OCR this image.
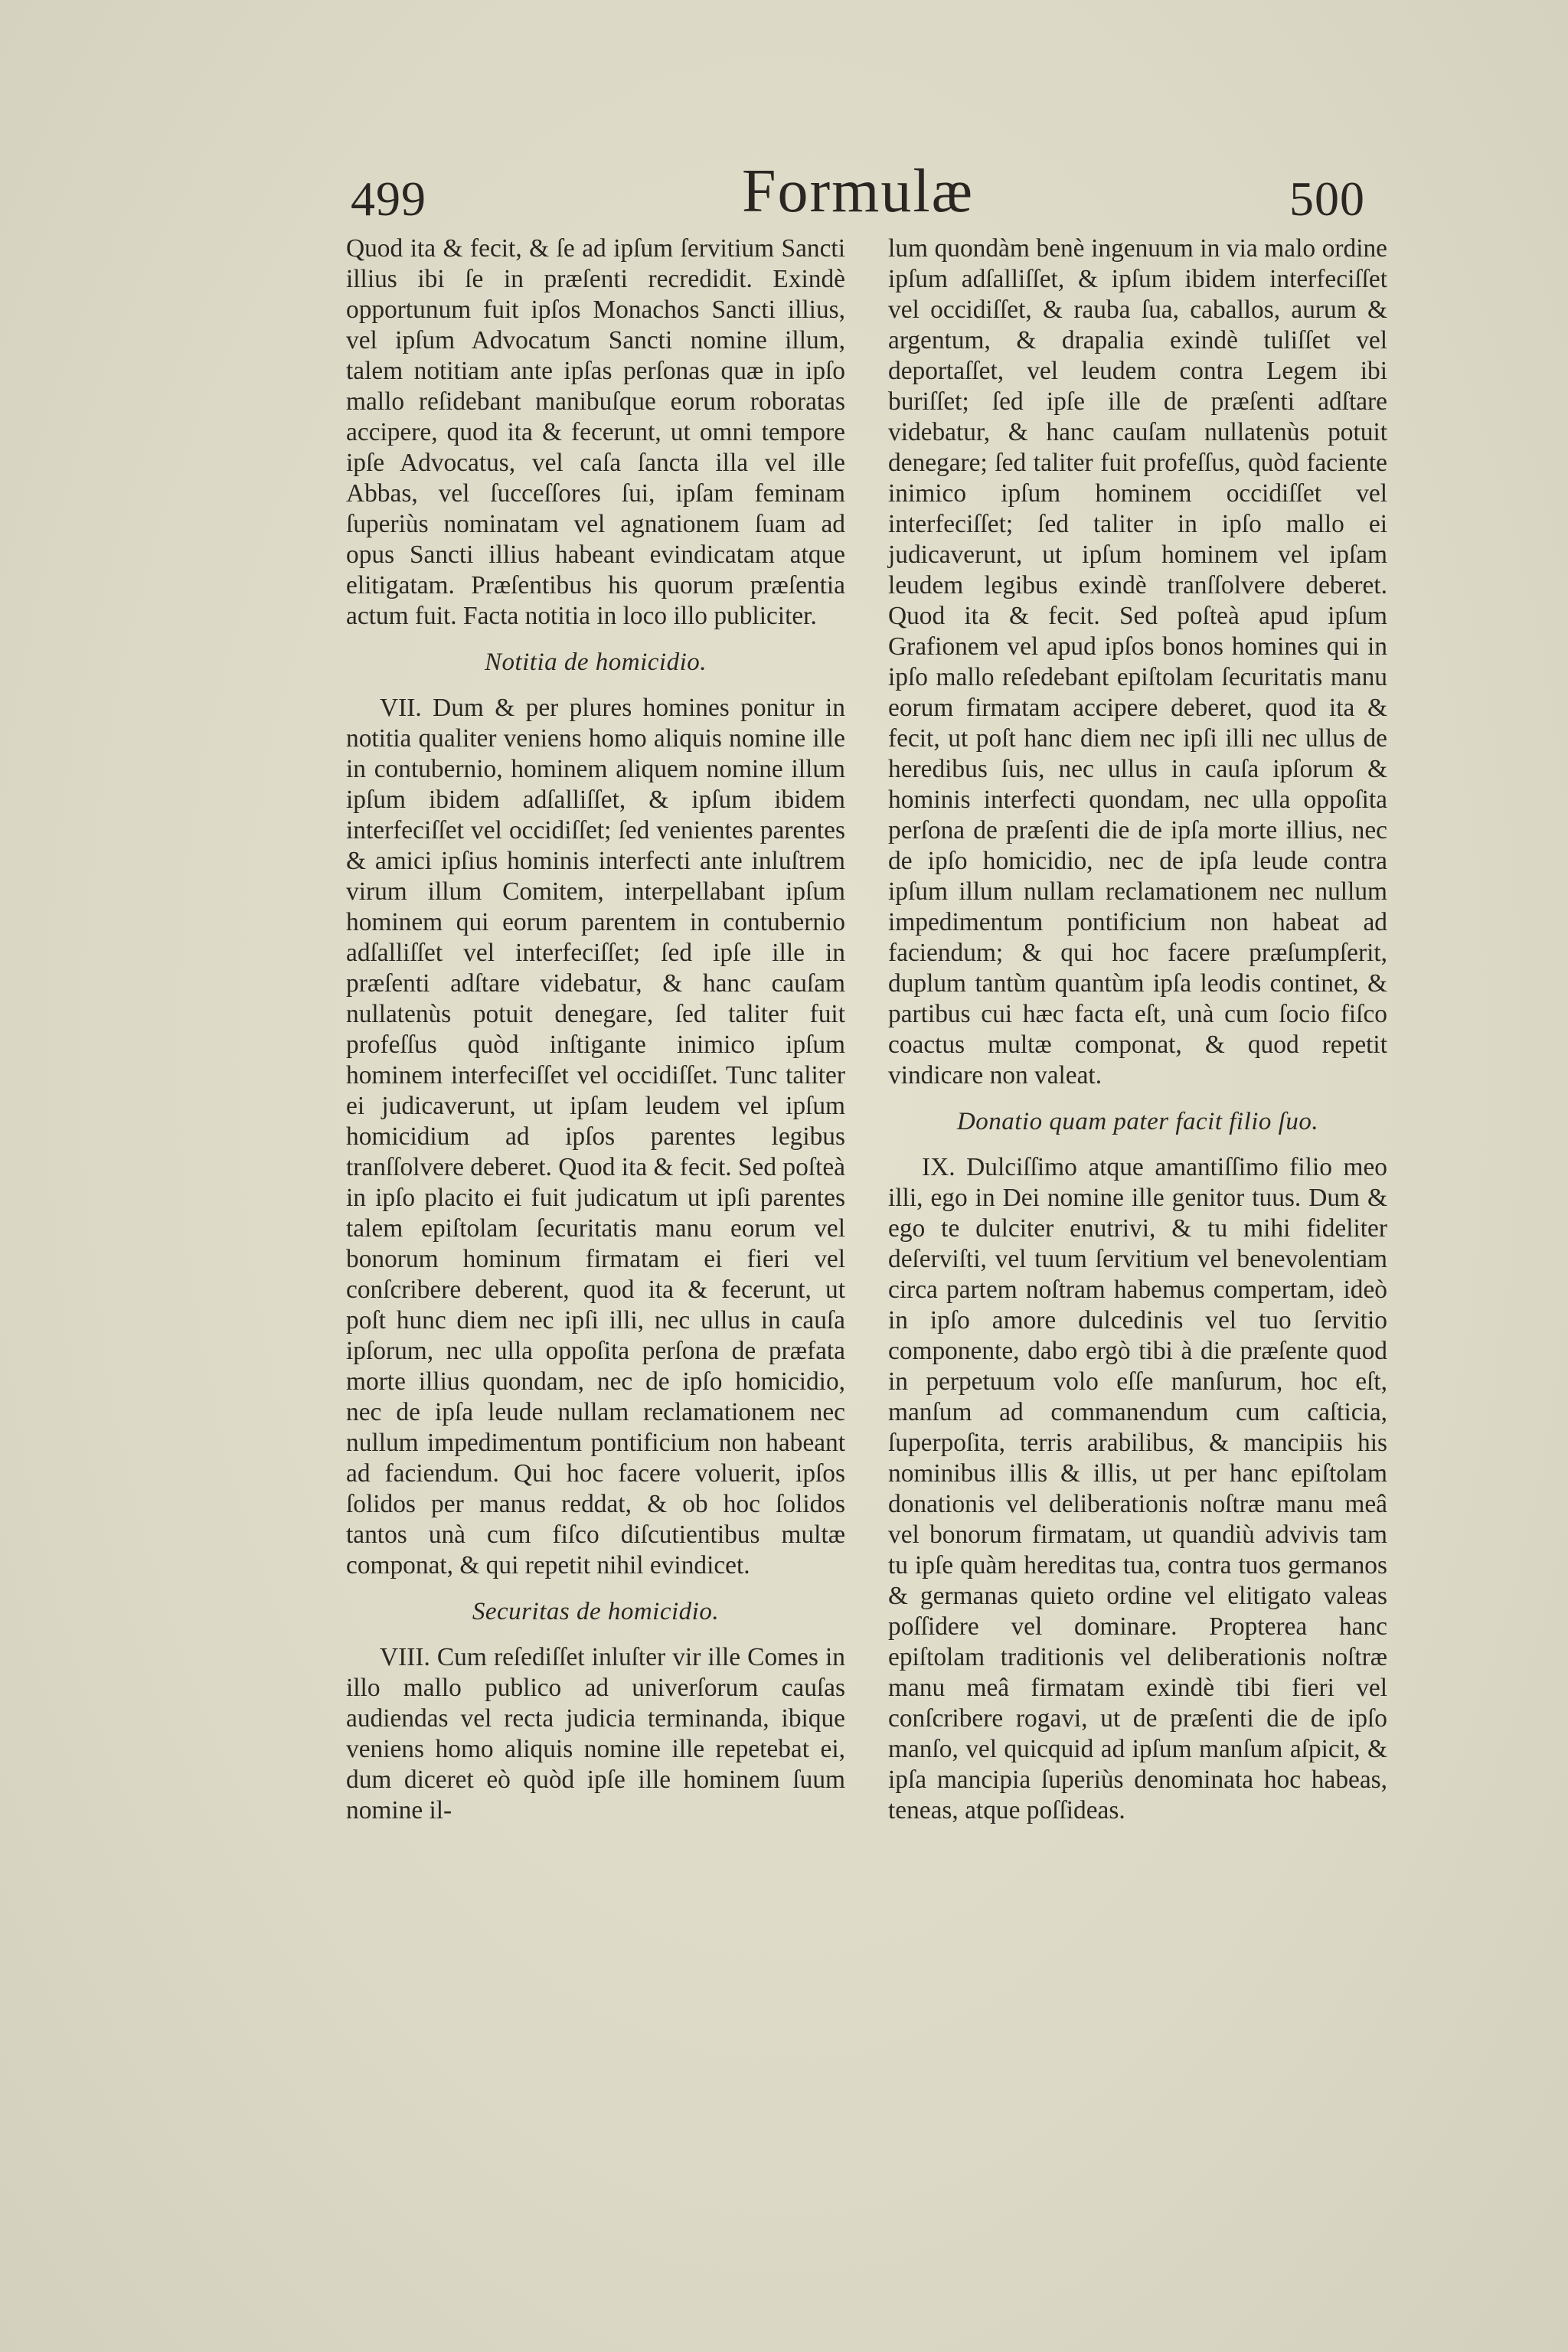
499	Formulæ	500

Quod ita & fecit, & ſe ad ipſum ſervitium Sancti illius ibi ſe in præſenti recredidit. Exindè opportunum fuit ipſos Monachos Sancti illius, vel ipſum Advocatum Sancti nomine illum, talem notitiam ante ipſas perſonas quæ in ipſo mallo reſidebant manibuſque eorum roboratas accipere, quod ita & fecerunt, ut omni tempore ipſe Advocatus, vel caſa ſancta illa vel ille Abbas, vel ſucceſſores ſui, ipſam feminam ſuperiùs nominatam vel agnationem ſuam ad opus Sancti illius habeant evindicatam atque elitigatam. Præſentibus his quorum præſentia actum fuit. Facta notitia in loco illo publiciter.

Notitia de homicidio.

VII. Dum & per plures homines ponitur in notitia qualiter veniens homo aliquis nomine ille in contubernio, hominem aliquem nomine illum ipſum ibidem adſalliſſet, & ipſum ibidem interfeciſſet vel occidiſſet; ſed venientes parentes & amici ipſius hominis interfecti ante inluſtrem virum illum Comitem, interpellabant ipſum hominem qui eorum parentem in contubernio adſalliſſet vel interfeciſſet; ſed ipſe ille in præſenti adſtare videbatur, & hanc cauſam nullatenùs potuit denegare, ſed taliter fuit profeſſus quòd inſtigante inimico ipſum hominem interfeciſſet vel occidiſſet. Tunc taliter ei judicaverunt, ut ipſam leudem vel ipſum homicidium ad ipſos parentes legibus tranſſolvere deberet. Quod ita & fecit. Sed poſteà in ipſo placito ei fuit judicatum ut ipſi parentes talem epiſtolam ſecuritatis manu eorum vel bonorum hominum firmatam ei fieri vel conſcribere deberent, quod ita & fecerunt, ut poſt hunc diem nec ipſi illi, nec ullus in cauſa ipſorum, nec ulla oppoſita perſona de præfata morte illius quondam, nec de ipſo homicidio, nec de ipſa leude nullam reclamationem nec nullum impedimentum pontificium non habeant ad faciendum. Qui hoc facere voluerit, ipſos ſolidos per manus reddat, & ob hoc ſolidos tantos unà cum fiſco diſcutientibus multæ componat, & qui repetit nihil evindicet.

Securitas de homicidio.

VIII. Cum reſediſſet inluſter vir ille Comes in illo mallo publico ad univerſorum cauſas audiendas vel recta judicia terminanda, ibique veniens homo aliquis nomine ille repetebat ei, dum diceret eò quòd ipſe ille hominem ſuum nomine il-

lum quondàm benè ingenuum in via malo ordine ipſum adſalliſſet, & ipſum ibidem interfeciſſet vel occidiſſet, & rauba ſua, caballos, aurum & argentum, & drapalia exindè tuliſſet vel deportaſſet, vel leudem contra Legem ibi buriſſet; ſed ipſe ille de præſenti adſtare videbatur, & hanc cauſam nullatenùs potuit denegare; ſed taliter fuit profeſſus, quòd faciente inimico ipſum hominem occidiſſet vel interfeciſſet; ſed taliter in ipſo mallo ei judicaverunt, ut ipſum hominem vel ipſam leudem legibus exindè tranſſolvere deberet. Quod ita & fecit. Sed poſteà apud ipſum Grafionem vel apud ipſos bonos homines qui in ipſo mallo reſedebant epiſtolam ſecuritatis manu eorum firmatam accipere deberet, quod ita & fecit, ut poſt hanc diem nec ipſi illi nec ullus de heredibus ſuis, nec ullus in cauſa ipſorum & hominis interfecti quondam, nec ulla oppoſita perſona de præſenti die de ipſa morte illius, nec de ipſo homicidio, nec de ipſa leude contra ipſum illum nullam reclamationem nec nullum impedimentum pontificium non habeat ad faciendum; & qui hoc facere præſumpſerit, duplum tantùm quantùm ipſa leodis continet, & partibus cui hæc facta eſt, unà cum ſocio fiſco coactus multæ componat, & quod repetit vindicare non valeat.

Donatio quam pater facit filio ſuo.

IX. Dulciſſimo atque amantiſſimo filio meo illi, ego in Dei nomine ille genitor tuus. Dum & ego te dulciter enutrivi, & tu mihi fideliter deſerviſti, vel tuum ſervitium vel benevolentiam circa partem noſtram habemus compertam, ideò in ipſo amore dulcedinis vel tuo ſervitio componente, dabo ergò tibi à die præſente quod in perpetuum volo eſſe manſurum, hoc eſt, manſum ad commanendum cum caſticia, ſuperpoſita, terris arabilibus, & mancipiis his nominibus illis & illis, ut per hanc epiſtolam donationis vel deliberationis noſtræ manu meâ vel bonorum firmatam, ut quandiù advivis tam tu ipſe quàm hereditas tua, contra tuos germanos & germanas quieto ordine vel elitigato valeas poſſidere vel dominare. Propterea hanc epiſtolam traditionis vel deliberationis noſtræ manu meâ firmatam exindè tibi fieri vel conſcribere rogavi, ut de præſenti die de ipſo manſo, vel quicquid ad ipſum manſum aſpicit, & ipſa mancipia ſuperiùs denominata hoc habeas, teneas, atque poſſideas.
